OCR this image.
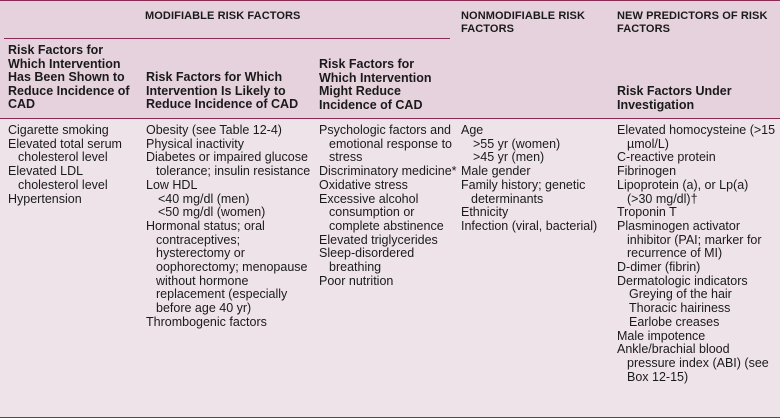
MODIFIABLE RISK FACTORS	NONMODIFIABLE RISK FACTORS
NEW PREDICTORS OF RISK FACTORS
Risk Factors for Which Intervention Has Been Shown to Reduce Incidence of CAD
Risk Factors for Which Intervention Is Likely to Reduce Incidence of CAD
Risk Factors for Which Intervention Might Reduce Incidence of CAD
Risk Factors Under Investigation
Cigarette smoking
Elevated total serum cholesterol level
Elevated LDL cholesterol level
Hypertension
Obesity (see Table 12-4)
Physical inactivity
Diabetes or impaired glucose tolerance; insulin resistance
Low HDL
<40 mg/dl (men)
<50 mg/dl (women)
Hormonal status; oral contraceptives; hysterectomy or oophorectomy; menopause without hormone replacement (especially before age 40 yr)
Thrombogenic factors
Psychologic factors and emotional response to stress
Discriminatory medicine*
Oxidative stress
Excessive alcohol consumption or complete abstinence
Elevated triglycerides
Sleep-disordered breathing
Poor nutrition
Age
>55 yr (women)
>45 yr (men)
Male gender
Family history; genetic determinants
Ethnicity
Infection (viral, bacterial)
Elevated homocysteine (>15 µmol/L)
C-reactive protein
Fibrinogen
Lipoprotein (a), or Lp(a) (>30 mg/dl)†
Troponin T
Plasminogen activator inhibitor (PAI; marker for recurrence of MI)
D-dimer (fibrin)
Dermatologic indicators
Greying of the hair
Thoracic hairiness
Earlobe creases
Male impotence
Ankle/brachial blood pressure index (ABI) (see Box 12-15)
